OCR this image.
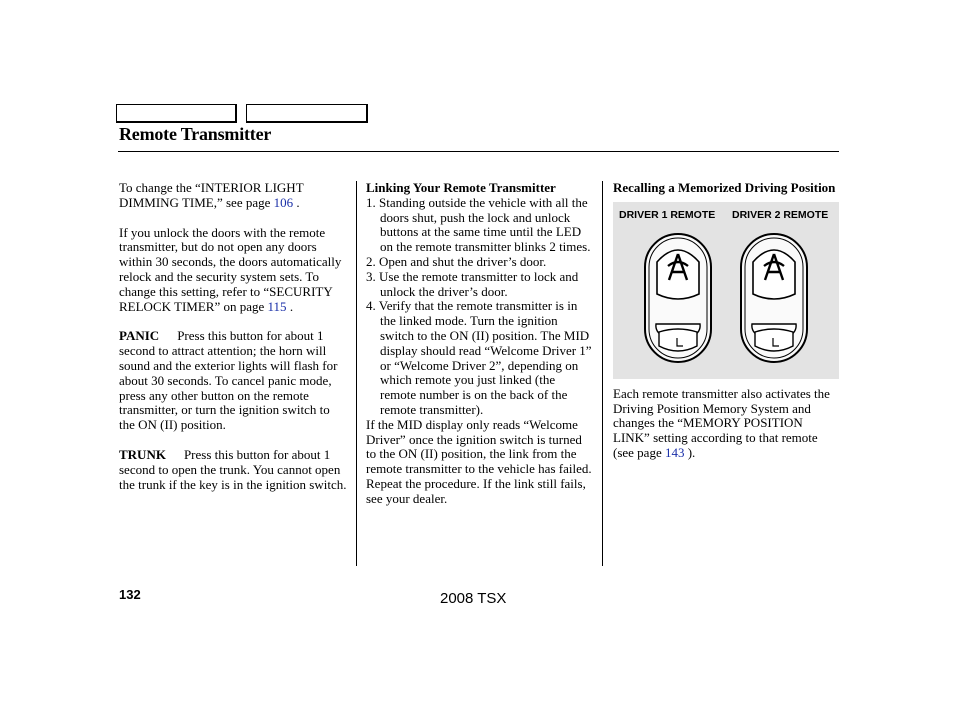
Remote Transmitter

To change the “INTERIOR LIGHT DIMMING TIME,” see page 106 .

If you unlock the doors with the remote transmitter, but do not open any doors within 30 seconds, the doors automatically relock and the security system sets. To change this setting, refer to “SECURITY RELOCK TIMER” on page 115 .

PANIC Press this button for about 1 second to attract attention; the horn will sound and the exterior lights will flash for about 30 seconds. To cancel panic mode, press any other button on the remote transmitter, or turn the ignition switch to the ON (II) position.

TRUNK Press this button for about 1 second to open the trunk. You cannot open the trunk if the key is in the ignition switch.

Linking Your Remote Transmitter
1. Standing outside the vehicle with all the doors shut, push the lock and unlock buttons at the same time until the LED on the remote transmitter blinks 2 times.
2. Open and shut the driver’s door.
3. Use the remote transmitter to lock and unlock the driver’s door.
4. Verify that the remote transmitter is in the linked mode. Turn the ignition switch to the ON (II) position. The MID display should read “Welcome Driver 1” or “Welcome Driver 2”, depending on which remote you just linked (the remote number is on the back of the remote transmitter).
If the MID display only reads “Welcome Driver” once the ignition switch is turned to the ON (II) position, the link from the remote transmitter to the vehicle has failed. Repeat the procedure. If the link still fails, see your dealer.
Recalling a Memorized Driving Position
DRIVER 1 REMOTE DRIVER 2 REMOTE
Each remote transmitter also activates the Driving Position Memory System and changes the “MEMORY POSITION LINK” setting according to that remote (see page 143 ).
132	2008 TSX
